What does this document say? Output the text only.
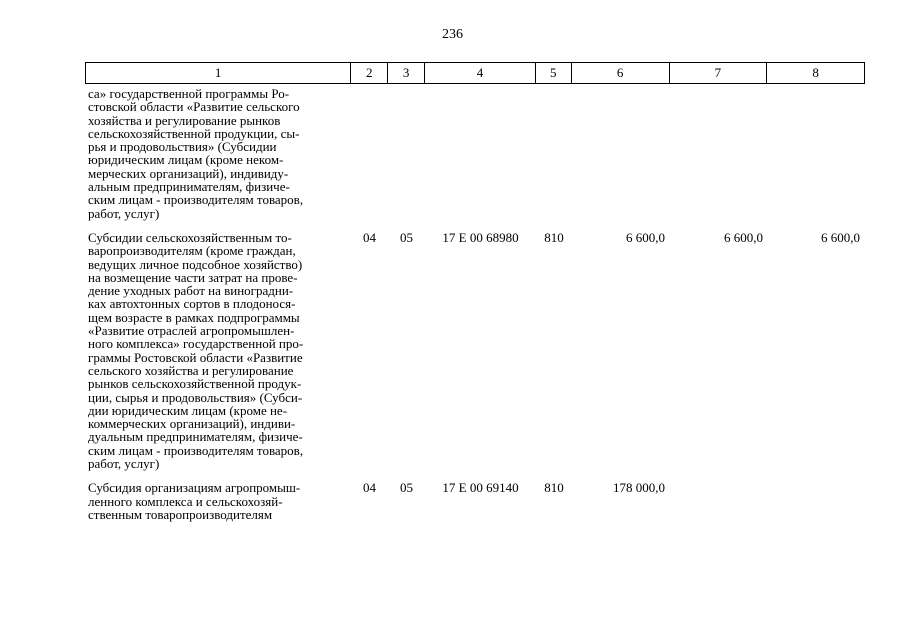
236
1	2	3	4	5	6	7	8
са» государственной программы Ро-
стовской области «Развитие сельского
хозяйства и регулирование рынков
сельскохозяйственной продукции, сы-
рья и продовольствия» (Субсидии
юридическим лицам (кроме неком-
мерческих организаций), индивиду-
альным предпринимателям, физиче-
ским лицам - производителям товаров,
работ, услуг)
Субсидии сельскохозяйственным то-
варопроизводителям (кроме граждан,
ведущих личное подсобное хозяйство)
на возмещение части затрат на прове-
дение уходных работ на виноградни-
ках автохтонных сортов в плодонося-
щем возрасте в рамках подпрограммы
«Развитие отраслей агропромышлен-
ного комплекса» государственной про-
граммы Ростовской области «Развитие
сельского хозяйства и регулирование
рынков сельскохозяйственной продук-
ции, сырья и продовольствия» (Субси-
дии юридическим лицам (кроме не-
коммерческих организаций), индиви-
дуальным предпринимателям, физиче-
ским лицам - производителям товаров,
работ, услуг)
04	05	17 Е 00 68980	810	6 600,0	6 600,0	6 600,0
Субсидия организациям агропромыш-
ленного комплекса и сельскохозяй-
ственным товаропроизводителям
04	05	17 Е 00 69140	810	178 000,0
